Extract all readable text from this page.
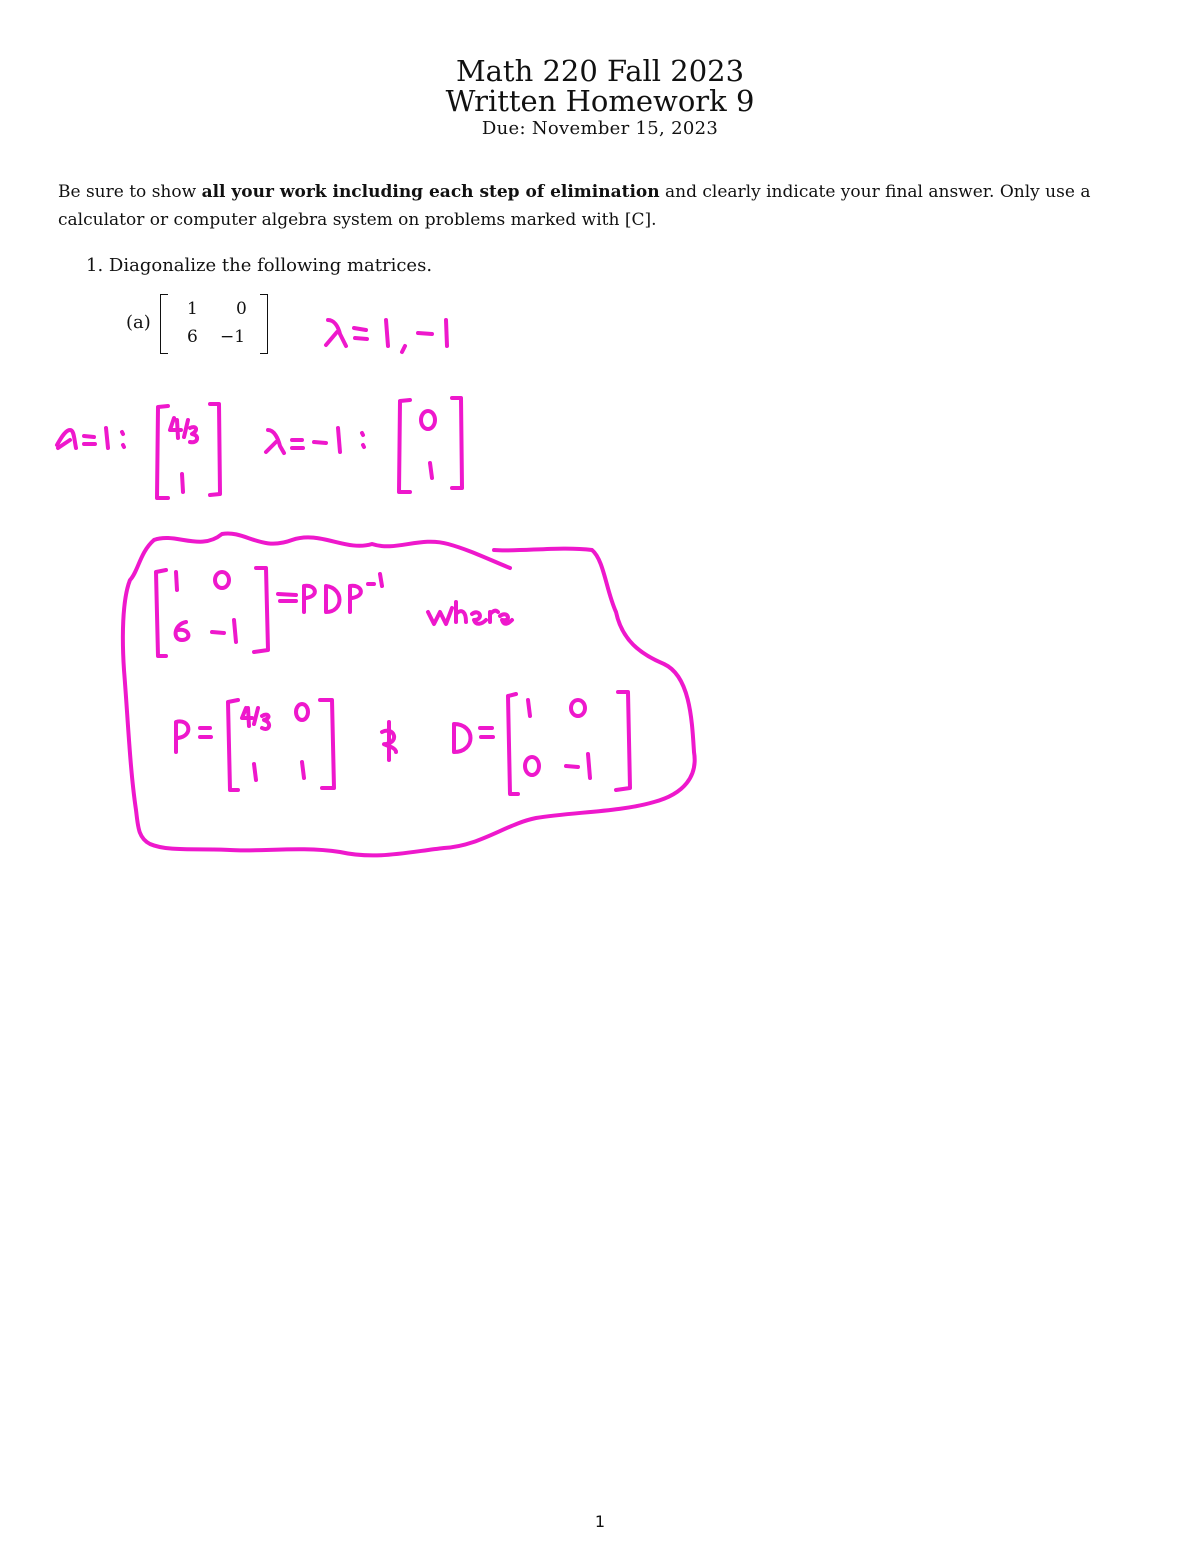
Math 220 Fall 2023
Written Homework 9
Due: November 15, 2023
Be sure to show all your work including each step of elimination and clearly indicate your final answer. Only use a calculator or computer algebra system on problems marked with [C].
1. Diagonalize the following matrices.
(a)
1 0
6 −1
1
